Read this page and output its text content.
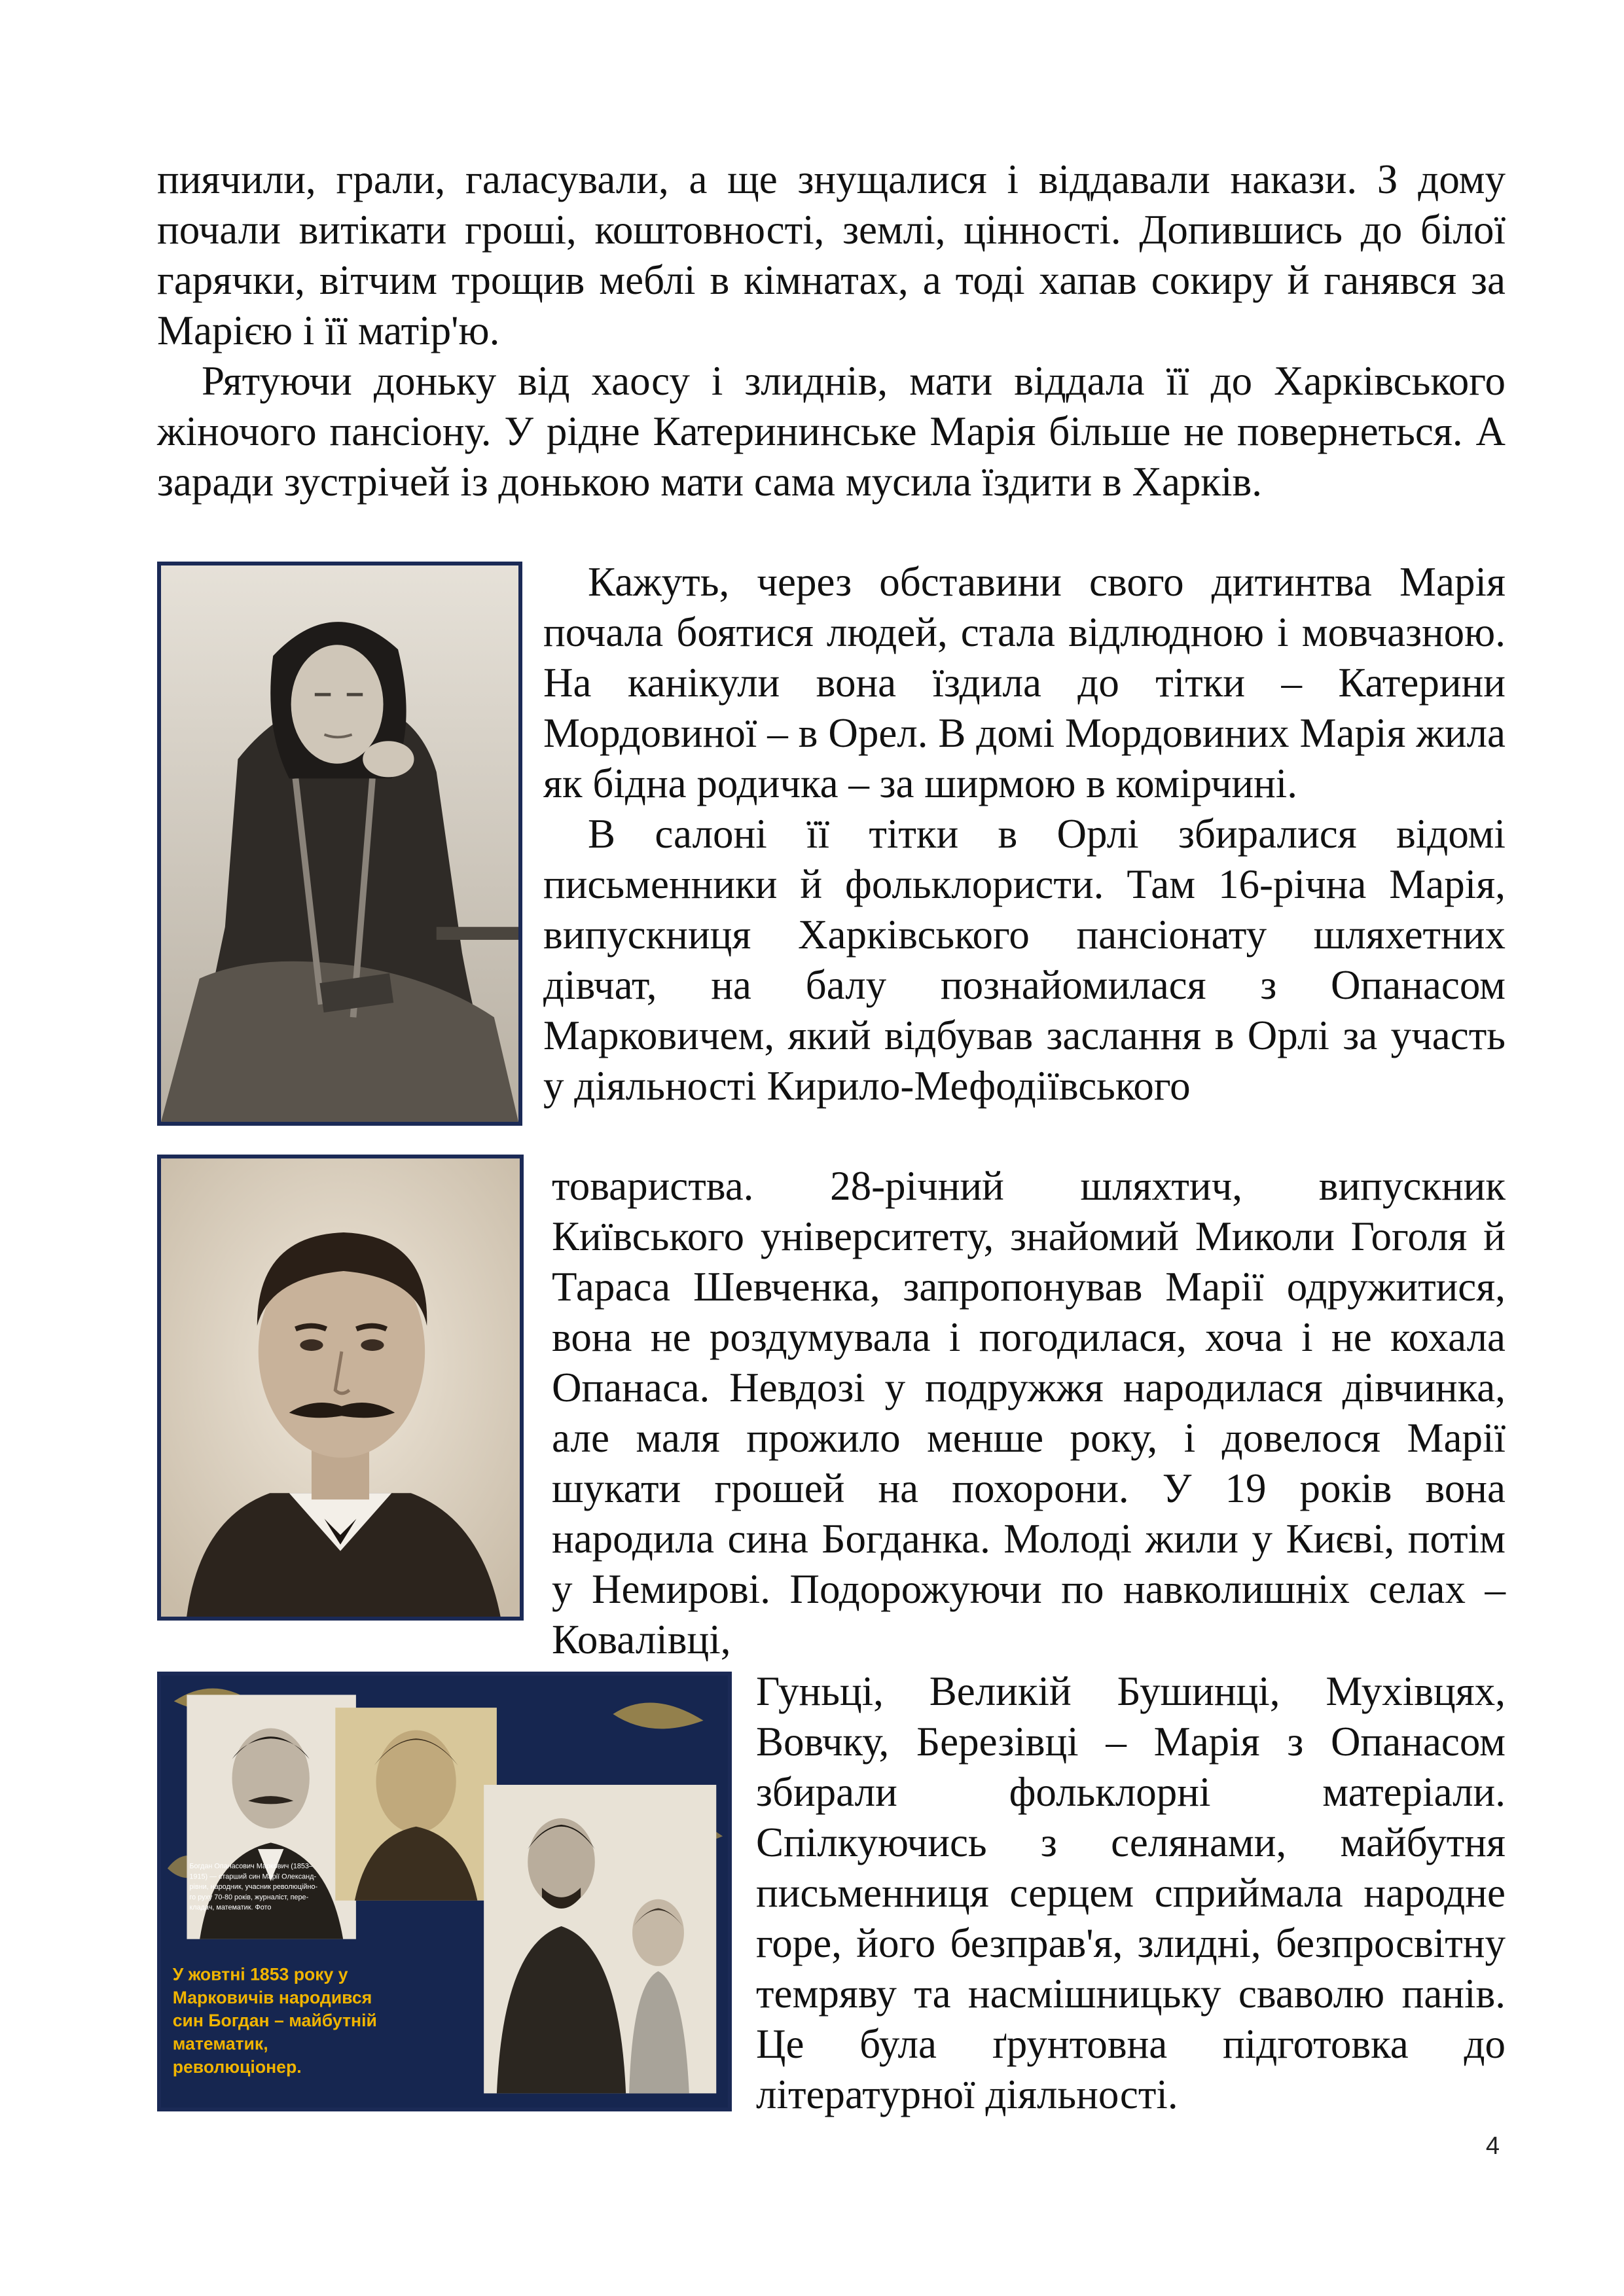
пиячили, грали, галасували, а ще знущалися і віддавали накази. З дому почали витікати гроші, коштовності, землі, цінності. Допившись до білої гарячки, вітчим трощив меблі в кімнатах, а тоді хапав сокиру й ганявся за Марією і її матір'ю.

Рятуючи доньку від хаосу і злиднів, мати віддала її до Харківського жіночого пансіону. У рідне Катерининське Марія більше не повернеться. А заради зустрічей із донькою мати сама мусила їздити в Харків.

Кажуть, через обставини свого дитинтва Марія почала боятися людей, стала відлюдною і мовчазною. На канікули вона їздила до тітки – Катерини Мордовиної – в Орел. В домі Мордовиних Марія жила як бідна родичка – за ширмою в комірчині.

В салоні її тітки в Орлі збиралися відомі письменники й фольклористи. Там 16-річна Марія, випускниця Харківського пансіонату шляхетних дівчат, на балу познайомилася з Опанасом Марковичем, який відбував заслання в Орлі за участь у діяльності Кирило-Мефодіївського

товариства. 28-річний шляхтич, випускник Київського університету, знайомий Миколи Гоголя й Тараса Шевченка, запропонував Марії одружитися, вона не роздумувала і погодилася, хоча і не кохала Опанаса. Невдозі у подружжя народилася дівчинка, але маля прожило менше року, і довелося Марії шукати грошей на похорони. У 19 років вона народила сина Богданка. Молоді жили у Києві, потім у Немирові. Подорожуючи по навколишніх селах – Ковалівці,

Богдан Опанасович Маркович (1853–
1915) — старший син Марії Олександ-
рівни, народник, учасник революційно-
го руху 70-80 років, журналіст, пере-
кладач, математик. Фото
У жовтні 1853 року у
Марковичів народився
син Богдан – майбутній
математик,
революціонер.

Гуньці, Великій Бушинці, Мухівцях, Вовчку, Березівці – Марія з Опанасом збирали фольклорні матеріали. Спілкуючись з селянами, майбутня письменниця серцем сприймала народне горе, його безправ'я, злидні, безпросвітну темряву та насмішницьку сваволю панів. Це була ґрунтовна підготовка до літературної діяльності.

4
